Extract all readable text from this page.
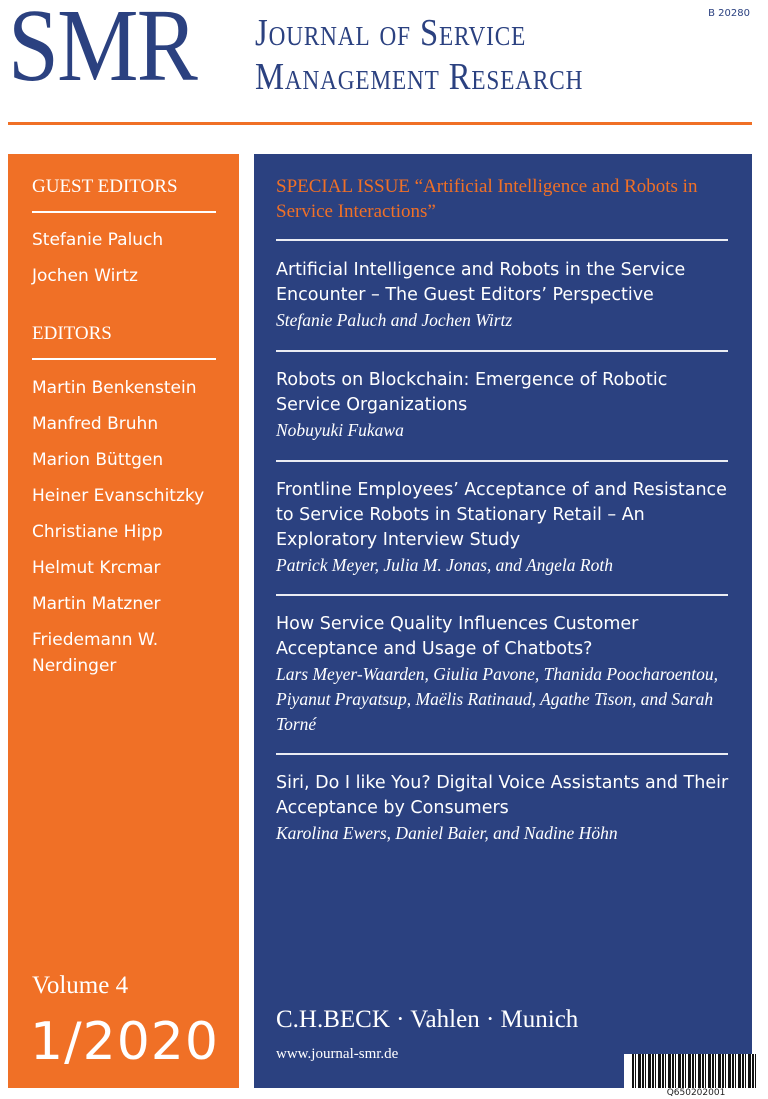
SMR Journal of Service
Management Research
B 20280
GUEST EDITORS
Stefanie Paluch
Jochen Wirtz
EDITORS
Martin Benkenstein
Manfred Bruhn
Marion Büttgen
Heiner Evanschitzky
Christiane Hipp
Helmut Krcmar
Martin Matzner
Friedemann W.
Nerdinger
Volume 4
1/2020
SPECIAL ISSUE “Artificial Intelligence and Robots in Service Interactions”
Artificial Intelligence and Robots in the Service Encounter – The Guest Editors’ Perspective
Stefanie Paluch and Jochen Wirtz
Robots on Blockchain: Emergence of Robotic Service Organizations
Nobuyuki Fukawa
Frontline Employees’ Acceptance of and Resistance to Service Robots in Stationary Retail – An Exploratory Interview Study
Patrick Meyer, Julia M. Jonas, and Angela Roth
How Service Quality Influences Customer Acceptance and Usage of Chatbots?
Lars Meyer-Waarden, Giulia Pavone, Thanida Poocharoentou, Piyanut Prayatsup, Maëlis Ratinaud, Agathe Tison, and Sarah Torné
Siri, Do I like You? Digital Voice Assistants and Their Acceptance by Consumers
Karolina Ewers, Daniel Baier, and Nadine Höhn
C.H.BECK · Vahlen · Munich
www.journal-smr.de
Q650202001
